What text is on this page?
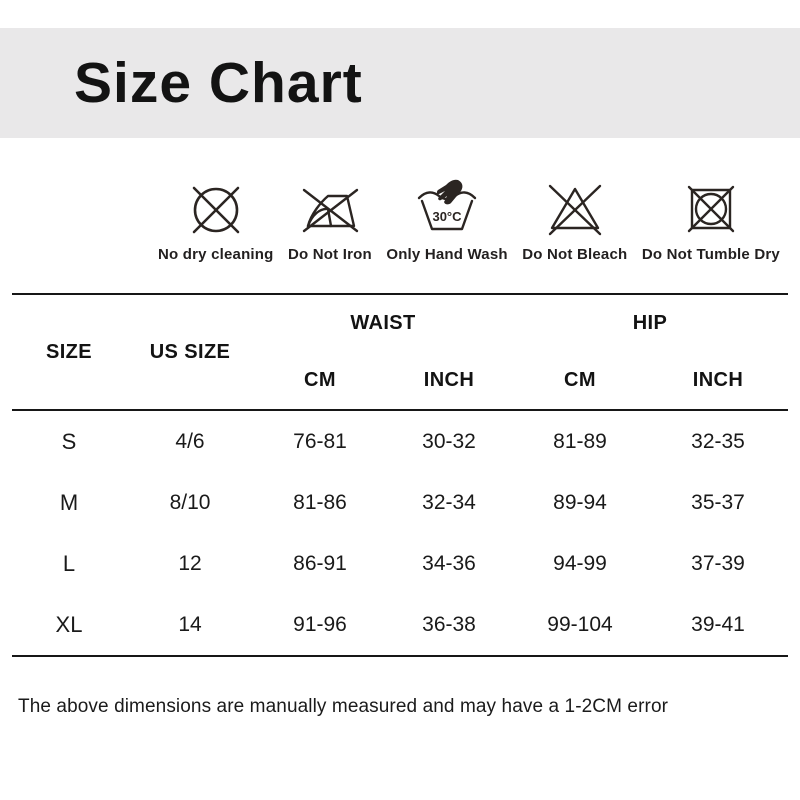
Size Chart
No dry cleaning Do Not Iron
30°C
Only Hand Wash Do Not Bleach Do Not Tumble Dry
SIZE	US SIZE
WAIST	HIP
CM	INCH	CM	INCH
S	4/6	76-81	30-32	81-89	32-35
M	8/10	81-86	32-34	89-94	35-37
L	12	86-91	34-36	94-99	37-39
XL	14	91-96	36-38	99-104	39-41
The above dimensions are manually measured and may have a 1-2CM error
